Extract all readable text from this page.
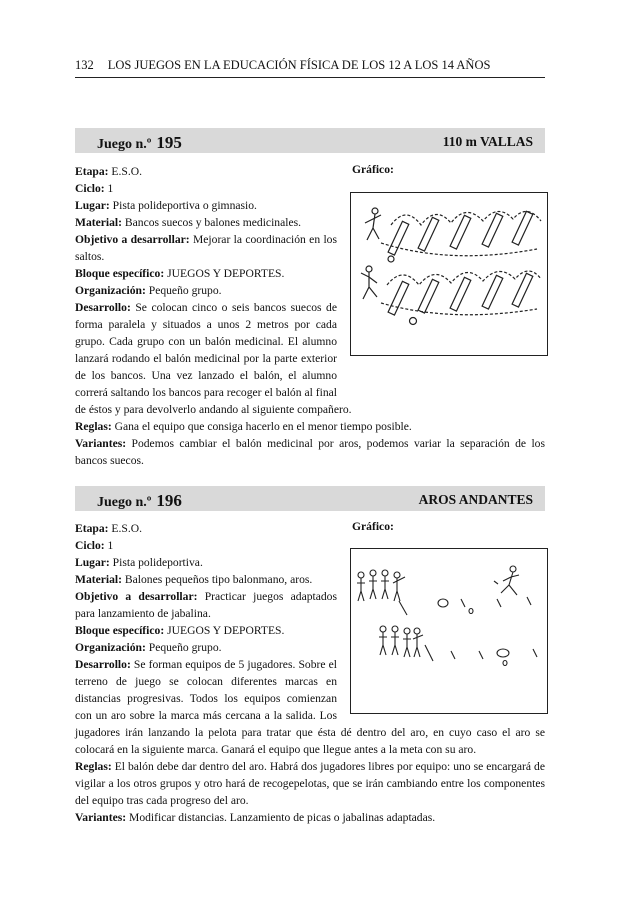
132 LOS JUEGOS EN LA EDUCACIÓN FÍSICA DE LOS 12 A LOS 14 AÑOS
Juego n.º 195	110 m VALLAS
Gráfico:

Etapa: E.S.O.

Ciclo: 1

Lugar: Pista polideportiva o gimnasio.

Material: Bancos suecos y balones medicinales.

Objetivo a desarrollar: Mejorar la coordinación en los saltos.

Bloque específico: JUEGOS Y DEPORTES.

Organización: Pequeño grupo.

Desarrollo: Se colocan cinco o seis bancos suecos de forma paralela y situados a unos 2 metros por cada grupo. Cada grupo con un balón medicinal. El alumno lanzará rodando el balón medicinal por la parte exterior de los bancos. Una vez lanzado el balón, el alumno correrá saltando los bancos para recoger el balón al final de éstos y para devolverlo andando al siguiente compañero.

Reglas: Gana el equipo que consiga hacerlo en el menor tiempo posible.

Variantes: Podemos cambiar el balón medicinal por aros, podemos variar la separación de los bancos suecos.

Juego n.º 196	AROS ANDANTES
Gráfico:

Etapa: E.S.O.

Ciclo: 1

Lugar: Pista polideportiva.

Material: Balones pequeños tipo balonmano, aros.

Objetivo a desarrollar: Practicar juegos adaptados para lanzamiento de jabalina.

Bloque específico: JUEGOS Y DEPORTES.

Organización: Pequeño grupo.

Desarrollo: Se forman equipos de 5 jugadores. Sobre el terreno de juego se colocan diferentes marcas en distancias progresivas. Todos los equipos comienzan con un aro sobre la marca más cercana a la salida. Los jugadores irán lanzando la pelota para tratar que ésta dé dentro del aro, en cuyo caso el aro se colocará en la siguiente marca. Ganará el equipo que llegue antes a la meta con su aro.

Reglas: El balón debe dar dentro del aro. Habrá dos jugadores libres por equipo: uno se encargará de vigilar a los otros grupos y otro hará de recogepelotas, que se irán cambiando entre los componentes del equipo tras cada progreso del aro.

Variantes: Modificar distancias. Lanzamiento de picas o jabalinas adaptadas.
